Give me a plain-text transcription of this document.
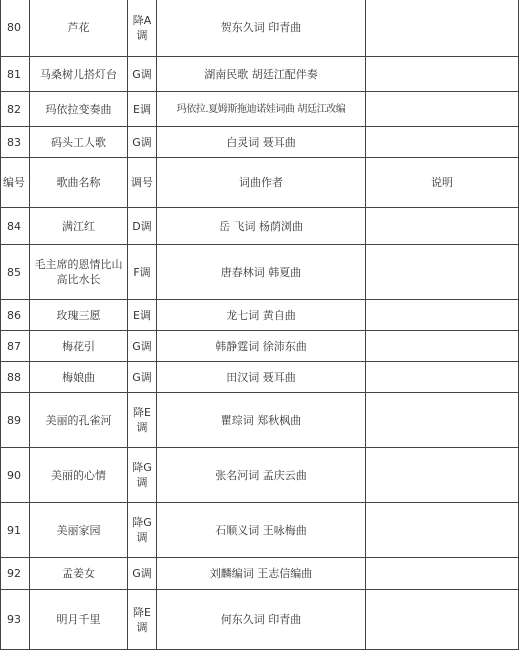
80	芦花	降A调	贺东久词 印青曲	
81	马桑树儿搭灯台	G调	湖南民歌 胡廷江配伴奏	
82	玛依拉变奏曲	E调	玛依拉.夏姆斯拖迪诺娃词曲 胡廷江改编	
83	码头工人歌	G调	白灵词 聂耳曲	
编号	歌曲名称	调号	词曲作者	说明
84	满江红	D调	岳 飞词 杨荫浏曲	
85	毛主席的恩情比山高比水长	F调	唐春林词 韩夏曲	
86	玫瑰三愿	E调	龙七词 黄自曲	
87	梅花引	G调	韩静霆词 徐沛东曲	
88	梅娘曲	G调	田汉词 聂耳曲	
89	美丽的孔雀河	降E调	瞿琮词 郑秋枫曲	
90	美丽的心情	降G调	张名河词 孟庆云曲	
91	美丽家园	降G调	石顺义词 王咏梅曲	
92	孟姜女	G调	刘麟编词 王志信编曲	
93	明月千里	降E调	何东久词 印青曲	
